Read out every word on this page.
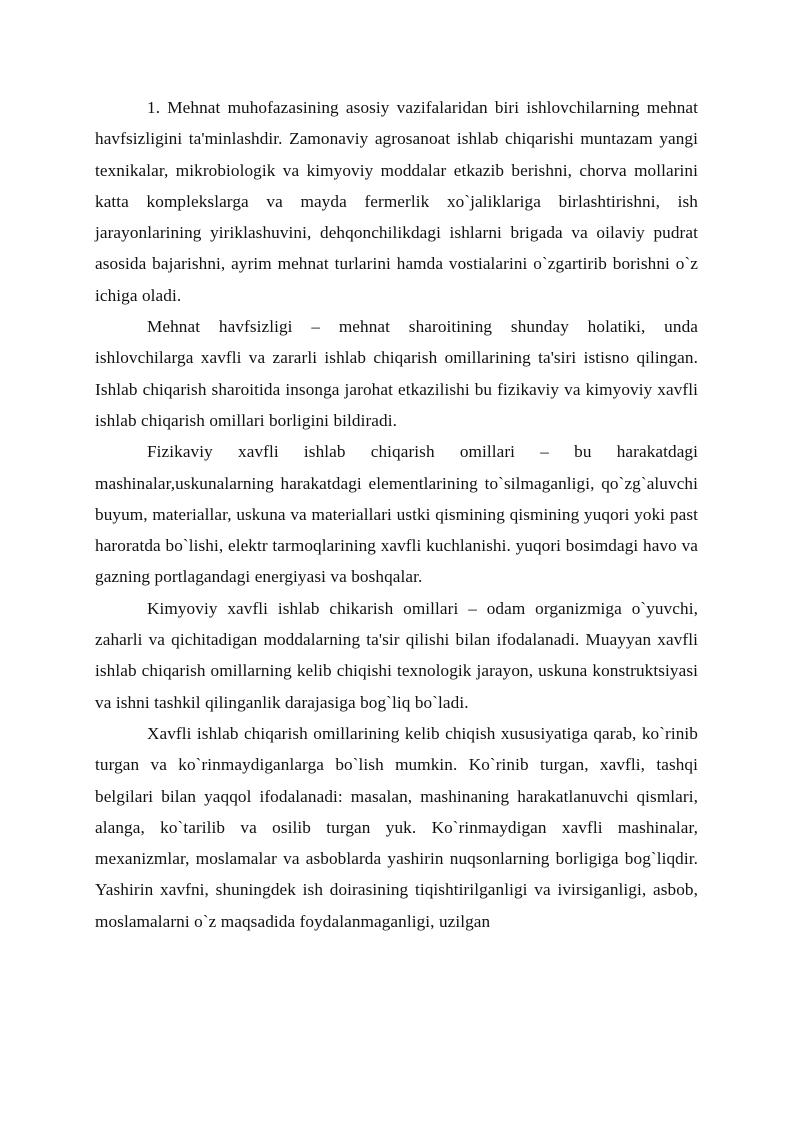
1. Mehnat muhofazasining asosiy vazifalaridan biri ishlovchilarning mehnat havfsizligini ta'minlashdir. Zamonaviy agrosanoat ishlab chiqarishi muntazam yangi texnikalar, mikrobiologik va kimyoviy moddalar etkazib berishni, chorva mollarini katta komplekslarga va mayda fermerlik xo`jaliklariga birlashtirishni, ish jarayonlarining yiriklashuvini, dehqonchilikdagi ishlarni brigada va oilaviy pudrat asosida bajarishni, ayrim mehnat turlarini hamda vostialarini o`zgartirib borishni o`z ichiga oladi.

Mehnat havfsizligi – mehnat sharoitining shunday holatiki, unda ishlovchilarga xavfli va zararli ishlab chiqarish omillarining ta'siri istisno qilingan. Ishlab chiqarish sharoitida insonga jarohat etkazilishi bu fizikaviy va kimyoviy xavfli ishlab chiqarish omillari borligini bildiradi.

Fizikaviy xavfli ishlab chiqarish omillari – bu harakatdagi mashinalar,uskunalarning harakatdagi elementlarining to`silmaganligi, qo`zg`aluvchi buyum, materiallar, uskuna va materiallari ustki qismining qismining yuqori yoki past haroratda bo`lishi, elektr tarmoqlarining xavfli kuchlanishi. yuqori bosimdagi havo va gazning portlagandagi energiyasi va boshqalar.

Kimyoviy xavfli ishlab chikarish omillari – odam organizmiga o`yuvchi, zaharli va qichitadigan moddalarning ta'sir qilishi bilan ifodalanadi. Muayyan xavfli ishlab chiqarish omillarning kelib chiqishi texnologik jarayon, uskuna konstruktsiyasi va ishni tashkil qilinganlik darajasiga bog`liq bo`ladi.

Xavfli ishlab chiqarish omillarining kelib chiqish xususiyatiga qarab, ko`rinib turgan va ko`rinmaydiganlarga bo`lish mumkin. Ko`rinib turgan, xavfli, tashqi belgilari bilan yaqqol ifodalanadi: masalan, mashinaning harakatlanuvchi qismlari, alanga, ko`tarilib va osilib turgan yuk. Ko`rinmaydigan xavfli mashinalar, mexanizmlar, moslamalar va asboblarda yashirin nuqsonlarning borligiga bog`liqdir. Yashirin xavfni, shuningdek ish doirasining tiqishtirilganligi va ivirsiganligi, asbob, moslamalarni o`z maqsadida foydalanmaganligi, uzilgan
